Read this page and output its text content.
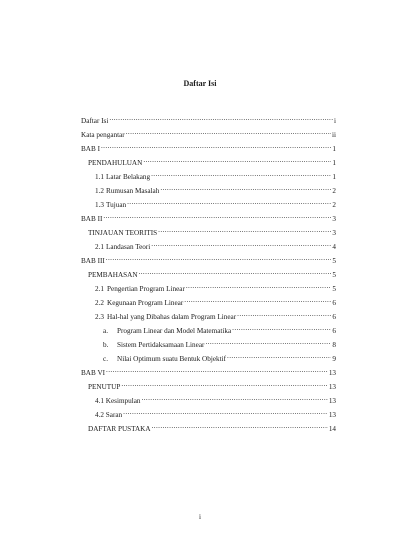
Daftar Isi
Daftar Isi .....	i
Kata pengantar .....	ii
BAB I .....	1
PENDAHULUAN .....	1
1.1 Latar Belakang .....	1
1.2 Rumusan Masalah .....	2
1.3 Tujuan .....	2
BAB II .....	3
TINJAUAN TEORITIS .....	3
2.1 Landasan Teori .....	4
BAB III .....	5
PEMBAHASAN .....	5
2.1 Pengertian Program Linear .....	5
2.2 Kegunaan Program Linear .....	6
2.3 Hal-hal yang Dibahas dalam Program Linear .....	6
a.	Program Linear dan Model Matematika .....	6
b.	Sistem Pertidaksamaan Linear .....	8
c.	Nilai Optimum suatu Bentuk Objektif .....	9
BAB VI .....	13
PENUTUP .....	13
4.1 Kesimpulan .....	13
4.2 Saran .....	13
DAFTAR PUSTAKA .....	14
i
